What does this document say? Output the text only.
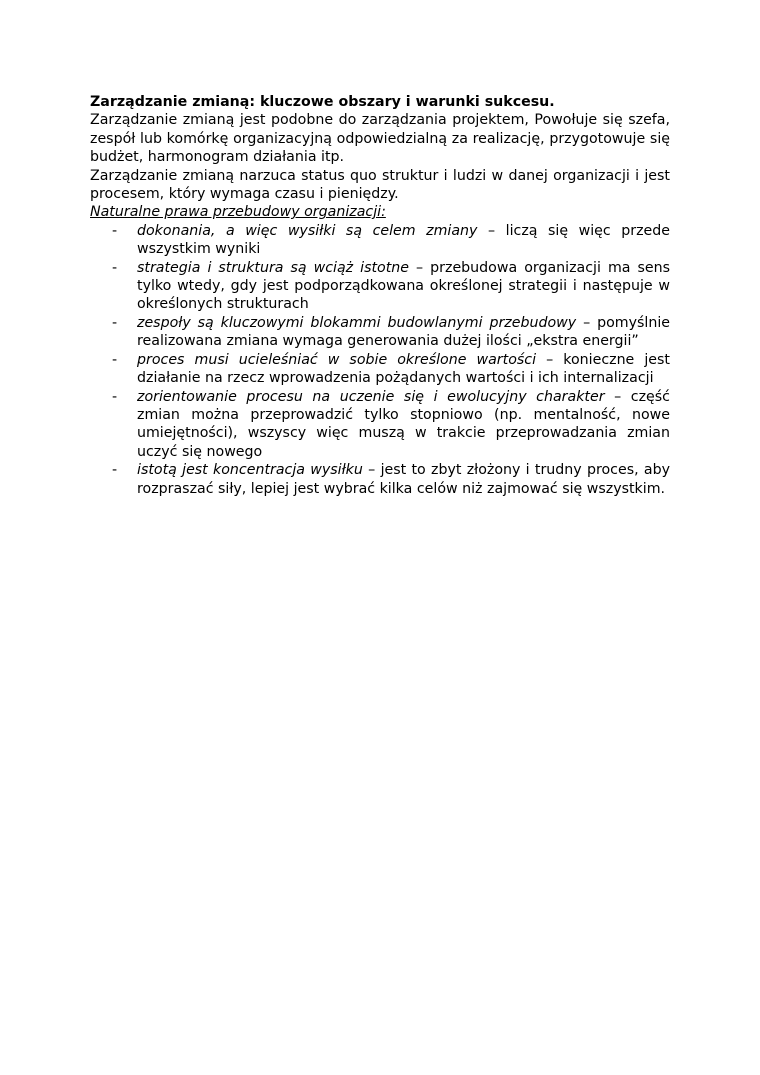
Zarządzanie zmianą: kluczowe obszary i warunki sukcesu.

Zarządzanie zmianą jest podobne do zarządzania projektem, Powołuje się szefa, zespół lub komórkę organizacyjną odpowiedzialną za realizację, przygotowuje się budżet, harmonogram działania itp.

Zarządzanie zmianą narzuca status quo struktur i ludzi w danej organizacji i jest procesem, który wymaga czasu i pieniędzy.

Naturalne prawa przebudowy organizacji:

- dokonania, a więc wysiłki są celem zmiany – liczą się więc przede wszystkim wyniki
- strategia i struktura są wciąż istotne – przebudowa organizacji ma sens tylko wtedy, gdy jest podporządkowana określonej strategii i następuje w określonych strukturach
- zespoły są kluczowymi blokammi budowlanymi przebudowy – pomyślnie realizowana zmiana wymaga generowania dużej ilości „ekstra energii”
- proces musi ucieleśniać w sobie określone wartości – konieczne jest działanie na rzecz wprowadzenia pożądanych wartości i ich internalizacji
- zorientowanie procesu na uczenie się i ewolucyjny charakter – część zmian można przeprowadzić tylko stopniowo (np. mentalność, nowe umiejętności), wszyscy więc muszą w trakcie przeprowadzania zmian uczyć się nowego
- istotą jest koncentracja wysiłku – jest to zbyt złożony i trudny proces, aby rozpraszać siły, lepiej jest wybrać kilka celów niż zajmować się wszystkim.
